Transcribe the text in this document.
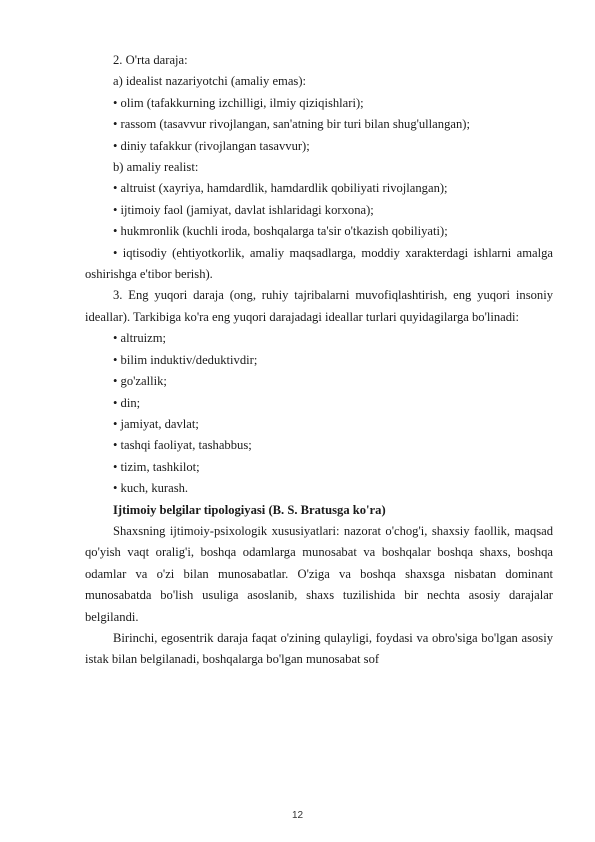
2. O'rta daraja:

a) idealist nazariyotchi (amaliy emas):

• olim (tafakkurning izchilligi, ilmiy qiziqishlari);

• rassom (tasavvur rivojlangan, san'atning bir turi bilan shug'ullangan);

• diniy tafakkur (rivojlangan tasavvur);

b) amaliy realist:

• altruist (xayriya, hamdardlik, hamdardlik qobiliyati rivojlangan);

• ijtimoiy faol (jamiyat, davlat ishlaridagi korxona);

• hukmronlik (kuchli iroda, boshqalarga ta'sir o'tkazish qobiliyati);

• iqtisodiy (ehtiyotkorlik, amaliy maqsadlarga, moddiy xarakterdagi ishlarni amalga oshirishga e'tibor berish).

3. Eng yuqori daraja (ong, ruhiy tajribalarni muvofiqlashtirish, eng yuqori insoniy ideallar). Tarkibiga ko'ra eng yuqori darajadagi ideallar turlari quyidagilarga bo'linadi:

• altruizm;

• bilim induktiv/deduktivdir;

• go'zallik;

• din;

• jamiyat, davlat;

• tashqi faoliyat, tashabbus;

• tizim, tashkilot;

• kuch, kurash.

Ijtimoiy belgilar tipologiyasi (B. S. Bratusga ko'ra)

Shaxsning ijtimoiy-psixologik xususiyatlari: nazorat o'chog'i, shaxsiy faollik, maqsad qo'yish vaqt oralig'i, boshqa odamlarga munosabat va boshqalar boshqa shaxs, boshqa odamlar va o'zi bilan munosabatlar. O'ziga va boshqa shaxsga nisbatan dominant munosabatda bo'lish usuliga asoslanib, shaxs tuzilishida bir nechta asosiy darajalar belgilandi.

Birinchi, egosentrik daraja faqat o'zining qulayligi, foydasi va obro'siga bo'lgan asosiy istak bilan belgilanadi, boshqalarga bo'lgan munosabat sof

12
